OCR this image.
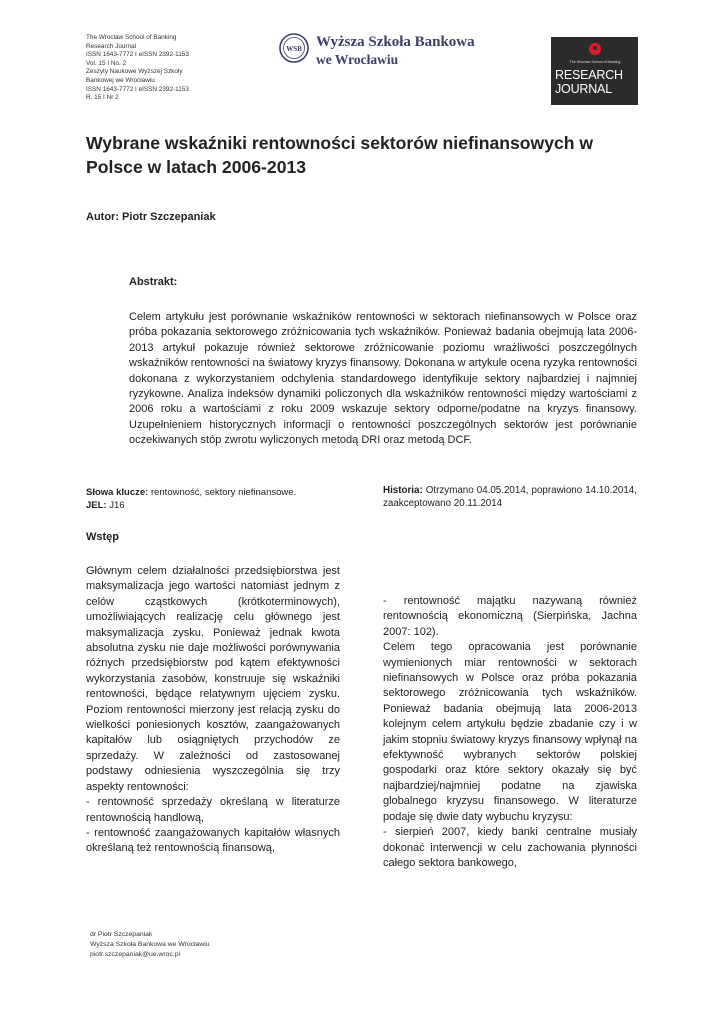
The Wroclaw School of Banking
Research Journal
ISSN 1643-7772 I eISSN 2392-1153
Vol. 15 I No. 2
Zeszyty Naukowe Wyższej Szkoły
Bankowej we Wrocławiu
ISSN 1643-7772 I eISSN 2392-1153
R. 15 I Nr 2
WSB Wyższa Szkoła Bankowa
we Wrocławiu	The Wroclaw School of Banking
RESEARCH
JOURNAL
Wybrane wskaźniki rentowności sektorów niefinansowych w Polsce w latach 2006-2013
Autor: Piotr Szczepaniak
Abstrakt:
Celem artykułu jest porównanie wskaźników rentowności w sektorach niefinansowych w Polsce oraz próba pokazania sektorowego zróżnicowania tych wskaźników. Ponieważ badania obejmują lata 2006-2013 artykuł pokazuje również sektorowe zróżnicowanie poziomu wrażliwości poszczególnych wskaźników rentowności na światowy kryzys finansowy. Dokonana w artykule ocena ryzyka rentowności dokonana z wykorzystaniem odchylenia standardowego identyfikuje sektory najbardziej i najmniej ryzykowne. Analiza indeksów dynamiki policzonych dla wskaźników rentowności między wartościami z 2006 roku a wartościami z roku 2009 wskazuje sektory odporne/podatne na kryzys finansowy. Uzupełnieniem historycznych informacji o rentowności poszczególnych sektorów jest porównanie oczekiwanych stóp zwrotu wyliczonych metodą DRI oraz metodą DCF.
Słowa klucze: rentowność, sektory niefinansowe.
JEL: J16
Historia: Otrzymano 04.05.2014, poprawiono 14.10.2014, zaakceptowano 20.11.2014
Wstęp

Głównym celem działalności przedsiębiorstwa jest maksymalizacja jego wartości natomiast jednym z celów cząstkowych (krótkoterminowych), umożliwiających realizację celu głównego jest maksymalizacja zysku. Ponieważ jednak kwota absolutna zysku nie daje możliwości porównywania różnych przedsiębiorstw pod kątem efektywności wykorzystania zasobów, konstruuje się wskaźniki rentowności, będące relatywnym ujęciem zysku. Poziom rentowności mierzony jest relacją zysku do wielkości poniesionych kosztów, zaangażowanych kapitałów lub osiągniętych przychodów ze sprzedaży. W zależności od zastosowanej podstawy odniesienia wyszczególnia się trzy aspekty rentowności:

- rentowność sprzedaży określaną w literaturze rentownością handlową,

- rentowność zaangażowanych kapitałów własnych określaną też rentownością finansową,

- rentowność majątku nazywaną również rentownością ekonomiczną (Sierpińska, Jachna 2007: 102).

Celem tego opracowania jest porównanie wymienionych miar rentowności w sektorach niefinansowych w Polsce oraz próba pokazania sektorowego zróżnicowania tych wskaźników. Ponieważ badania obejmują lata 2006-2013 kolejnym celem artykułu będzie zbadanie czy i w jakim stopniu światowy kryzys finansowy wpłynął na efektywność wybranych sektorów polskiej gospodarki oraz które sektory okazały się być najbardziej/najmniej podatne na zjawiska globalnego kryzysu finansowego. W literaturze podaje się dwie daty wybuchu kryzysu:

- sierpień 2007, kiedy banki centralne musiały dokonać interwencji w celu zachowania płynności całego sektora bankowego,

dr Piotr Szczepaniak
Wyższa Szkoła Bankowa we Wrocławiu
piotr.szczepaniak@ue.wroc.pl
